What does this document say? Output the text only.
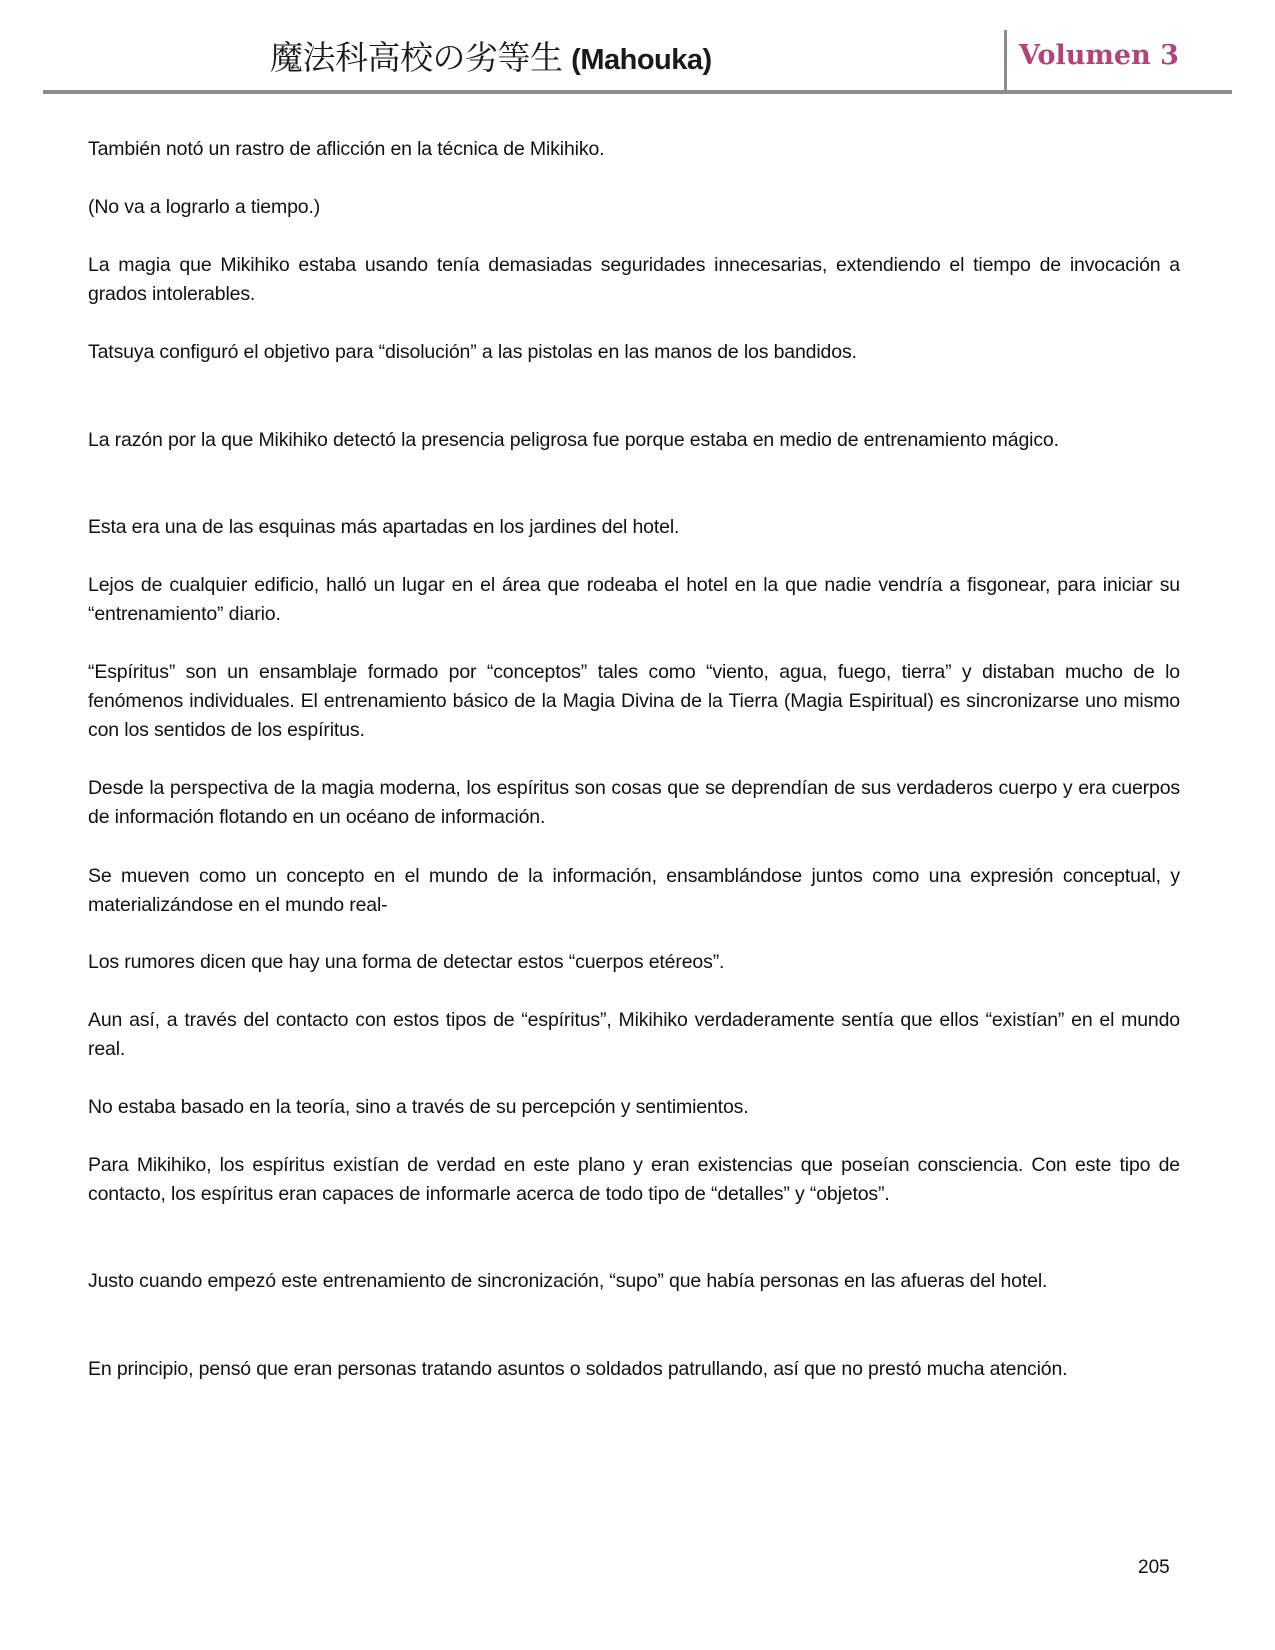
魔法科高校の劣等生 (Mahouka)	Volumen 3

También notó un rastro de aflicción en la técnica de Mikihiko.

(No va a lograrlo a tiempo.)

La magia que Mikihiko estaba usando tenía demasiadas seguridades innecesarias, extendiendo el tiempo de invocación a grados intolerables.

Tatsuya configuró el objetivo para “disolución” a las pistolas en las manos de los bandidos.

La razón por la que Mikihiko detectó la presencia peligrosa fue porque estaba en medio de entrenamiento mágico.

Esta era una de las esquinas más apartadas en los jardines del hotel.

Lejos de cualquier edificio, halló un lugar en el área que rodeaba el hotel en la que nadie vendría a fisgonear, para iniciar su “entrenamiento” diario.

“Espíritus” son un ensamblaje formado por “conceptos” tales como “viento, agua, fuego, tierra” y distaban mucho de lo fenómenos individuales. El entrenamiento básico de la Magia Divina de la Tierra (Magia Espiritual) es sincronizarse uno mismo con los sentidos de los espíritus.

Desde la perspectiva de la magia moderna, los espíritus son cosas que se deprendían de sus verdaderos cuerpo y era cuerpos de información flotando en un océano de información.

Se mueven como un concepto en el mundo de la información, ensamblándose juntos como una expresión conceptual, y materializándose en el mundo real-

Los rumores dicen que hay una forma de detectar estos “cuerpos etéreos”.

Aun así, a través del contacto con estos tipos de “espíritus”, Mikihiko verdaderamente sentía que ellos “existían” en el mundo real.

No estaba basado en la teoría, sino a través de su percepción y sentimientos.

Para Mikihiko, los espíritus existían de verdad en este plano y eran existencias que poseían consciencia. Con este tipo de contacto, los espíritus eran capaces de informarle acerca de todo tipo de “detalles” y “objetos”.

Justo cuando empezó este entrenamiento de sincronización, “supo” que había personas en las afueras del hotel.

En principio, pensó que eran personas tratando asuntos o soldados patrullando, así que no prestó mucha atención.

205
